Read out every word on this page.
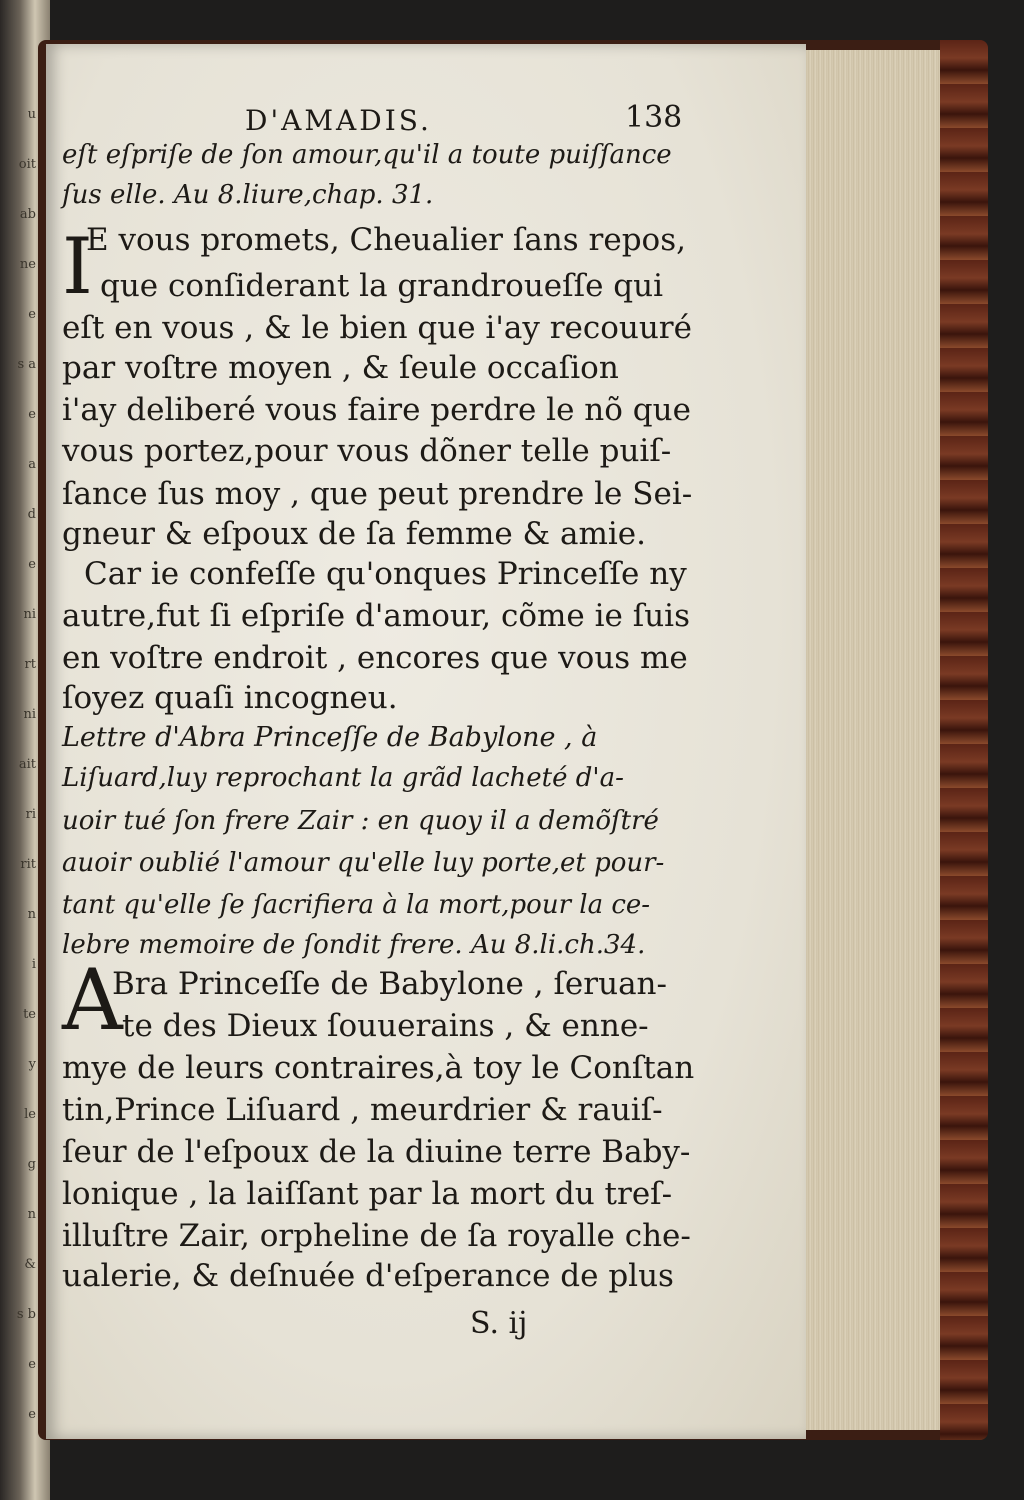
u
oit
ab
ne
e
s a
e
a
d
e
ni
rt
ni
ait
ri
rit
n
i
te
y
le
g
n
&
s b
e
e
D'AMADIS.	138
eſt eſpriſe de ſon amour,qu'il a toute puiſſance
ſus elle. Au 8.liure,chap. 31.
I
E vous promets, Cheualier ſans repos,
que conſiderant la grandroueſſe qui
eſt en vous , & le bien que i'ay recouuré
par voſtre moyen , & ſeule occaſion
i'ay deliberé vous faire perdre le nõ que
vous portez,pour vous dõner telle puiſ-
ſance ſus moy , que peut prendre le Sei-
gneur & eſpoux de ſa femme & amie.
Car ie confeſſe qu'onques Princeſſe ny
autre,fut ſi eſpriſe d'amour, cõme ie ſuis
en voſtre endroit , encores que vous me
ſoyez quaſi incogneu.
Lettre d'Abra Princeſſe de Babylone , à
Liſuard,luy reprochant la grãd lacheté d'a-
uoir tué ſon frere Zair : en quoy il a demõſtré
auoir oublié l'amour qu'elle luy porte,et pour-
tant qu'elle ſe ſacrifiera à la mort,pour la ce-
lebre memoire de ſondit frere. Au 8.li.ch.34.
A
Bra Princeſſe de Babylone , ſeruan-
te des Dieux ſouuerains , & enne-
mye de leurs contraires,à toy le Conſtan
tin,Prince Liſuard , meurdrier & rauiſ-
ſeur de l'eſpoux de la diuine terre Baby-
lonique , la laiſſant par la mort du treſ-
illuſtre Zair, orpheline de ſa royalle che-
ualerie, & deſnuée d'eſperance de plus
S. ij
